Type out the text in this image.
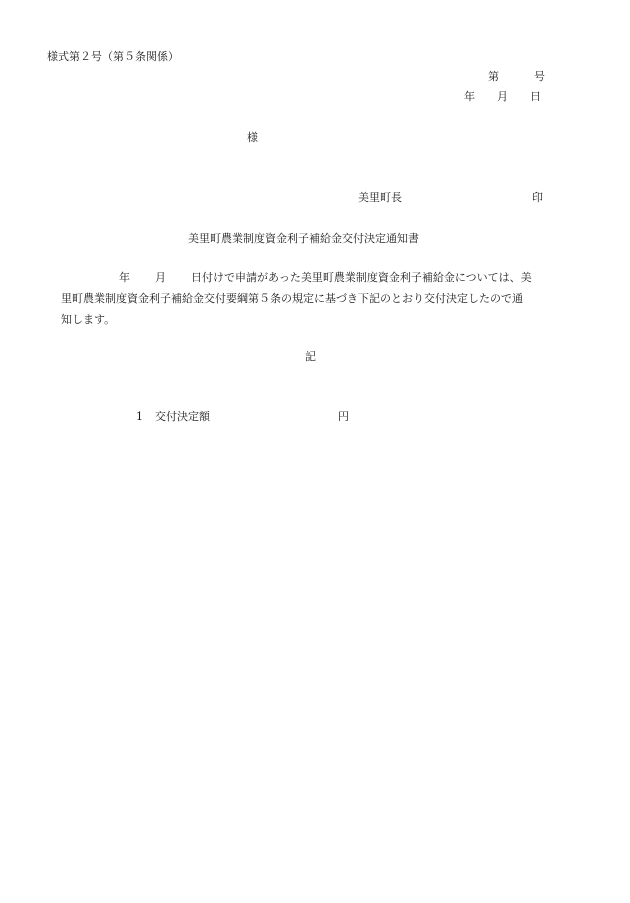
様式第２号（第５条関係）
第	号
年 月 日
様
美里町長	印
美里町農業制度資金利子補給金交付決定通知書
年 月 日付けで申請があった美里町農業制度資金利子補給金については、美
里町農業制度資金利子補給金交付要綱第５条の規定に基づき下記のとおり交付決定したので通
知します。
記
1 交付決定額	円
